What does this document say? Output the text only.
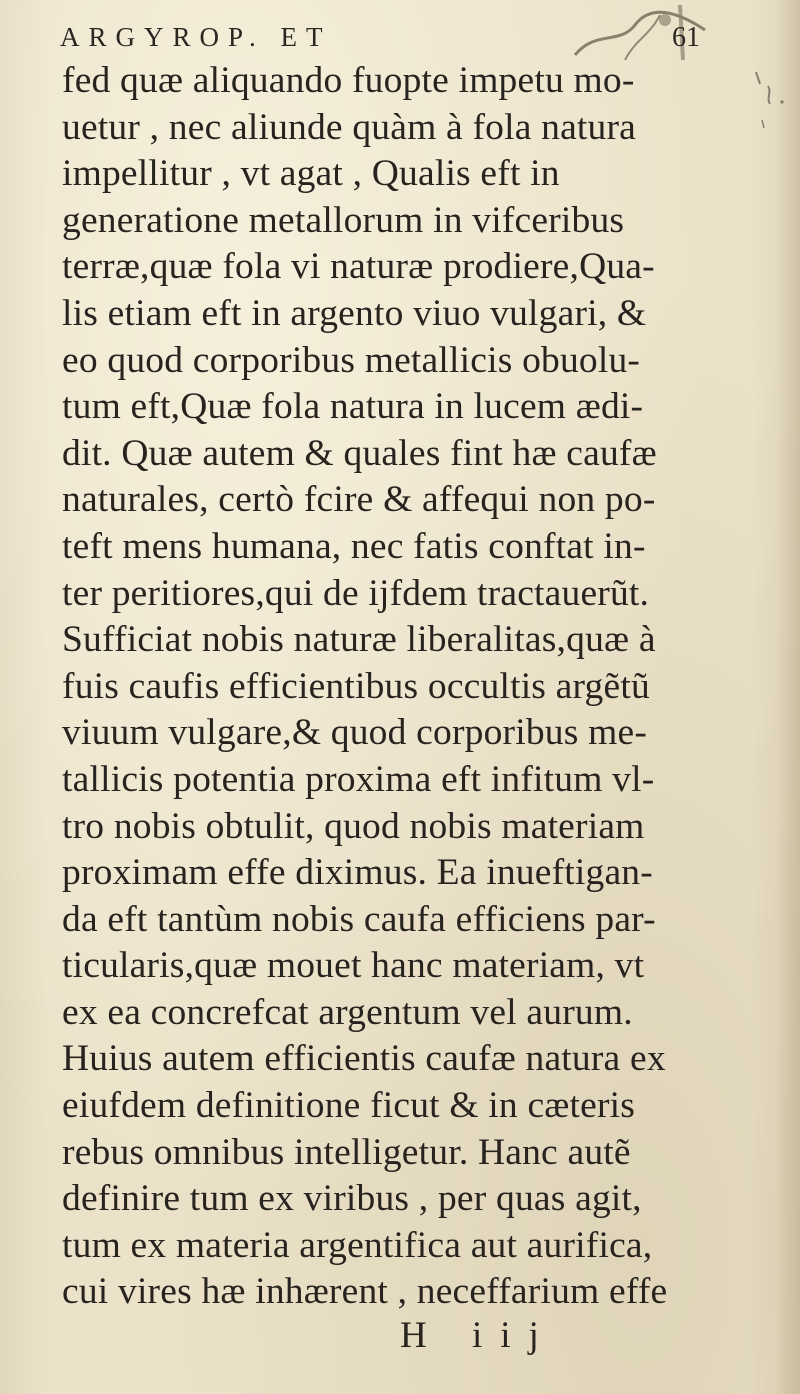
ARGYROP. ET	61
fed quæ aliquando fuopte impetu mo-
uetur , nec aliunde quàm à fola natura
impellitur , vt agat , Qualis eft in
generatione metallorum in vifceribus
terræ,quæ fola vi naturæ prodiere,Qua-
lis etiam eft in argento viuo vulgari, &
eo quod corporibus metallicis obuolu-
tum eft,Quæ fola natura in lucem ædi-
dit. Quæ autem & quales fint hæ caufæ
naturales, certò fcire & affequi non po-
teft mens humana, nec fatis conftat in-
ter peritiores,qui de ijfdem tractauerũt.
Sufficiat nobis naturæ liberalitas,quæ à
fuis caufis efficientibus occultis argẽtũ
viuum vulgare,& quod corporibus me-
tallicis potentia proxima eft infitum vl-
tro nobis obtulit, quod nobis materiam
proximam effe diximus. Ea inueftigan-
da eft tantùm nobis caufa efficiens par-
ticularis,quæ mouet hanc materiam, vt
ex ea concrefcat argentum vel aurum.
Huius autem efficientis caufæ natura ex
eiufdem definitione ficut & in cæteris
rebus omnibus intelligetur. Hanc autẽ
definire tum ex viribus , per quas agit,
tum ex materia argentifica aut aurifica,
cui vires hæ inhærent , neceffarium effe
H iij
